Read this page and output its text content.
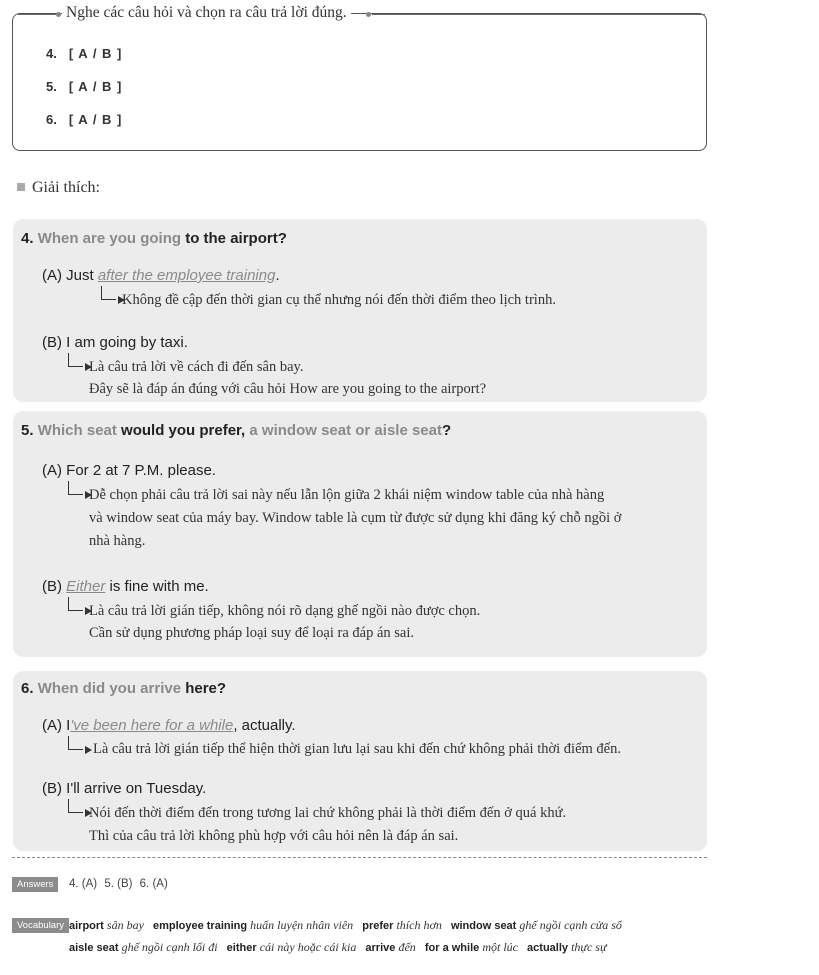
Nghe các câu hỏi và chọn ra câu trả lời đúng.
4. [ A / B ]
5. [ A / B ]
6. [ A / B ]
Giải thích:
4. When are you going to the airport?
(A) Just after the employee training.
Không đề cập đến thời gian cụ thể nhưng nói đến thời điểm theo lịch trình.
(B) I am going by taxi.
Là câu trả lời về cách đi đến sân bay.
Đây sẽ là đáp án đúng với câu hỏi How are you going to the airport?
5. Which seat would you prefer, a window seat or aisle seat?
(A) For 2 at 7 P.M. please.
Dễ chọn phải câu trả lời sai này nếu lẫn lộn giữa 2 khái niệm window table của nhà hàng
và window seat của máy bay. Window table là cụm từ được sử dụng khi đăng ký chỗ ngồi ở
nhà hàng.
(B) Either is fine with me.
Là câu trả lời gián tiếp, không nói rõ dạng ghế ngồi nào được chọn.
Cần sử dụng phương pháp loại suy để loại ra đáp án sai.
6. When did you arrive here?
(A) I've been here for a while, actually.
Là câu trả lời gián tiếp thể hiện thời gian lưu lại sau khi đến chứ không phải thời điểm đến.
(B) I'll arrive on Tuesday.
Nói đến thời điểm đến trong tương lai chứ không phải là thời điểm đến ở quá khứ.
Thì của câu trả lời không phù hợp với câu hỏi nên là đáp án sai.
Answers	4. (A) 5. (B) 6. (A)
Vocabulary airport sân bay employee training huấn luyện nhân viên prefer thích hơn window seat ghế ngồi cạnh cửa sổ
aisle seat ghế ngồi cạnh lối đi either cái này hoặc cái kia arrive đến for a while một lúc actually thực sự
